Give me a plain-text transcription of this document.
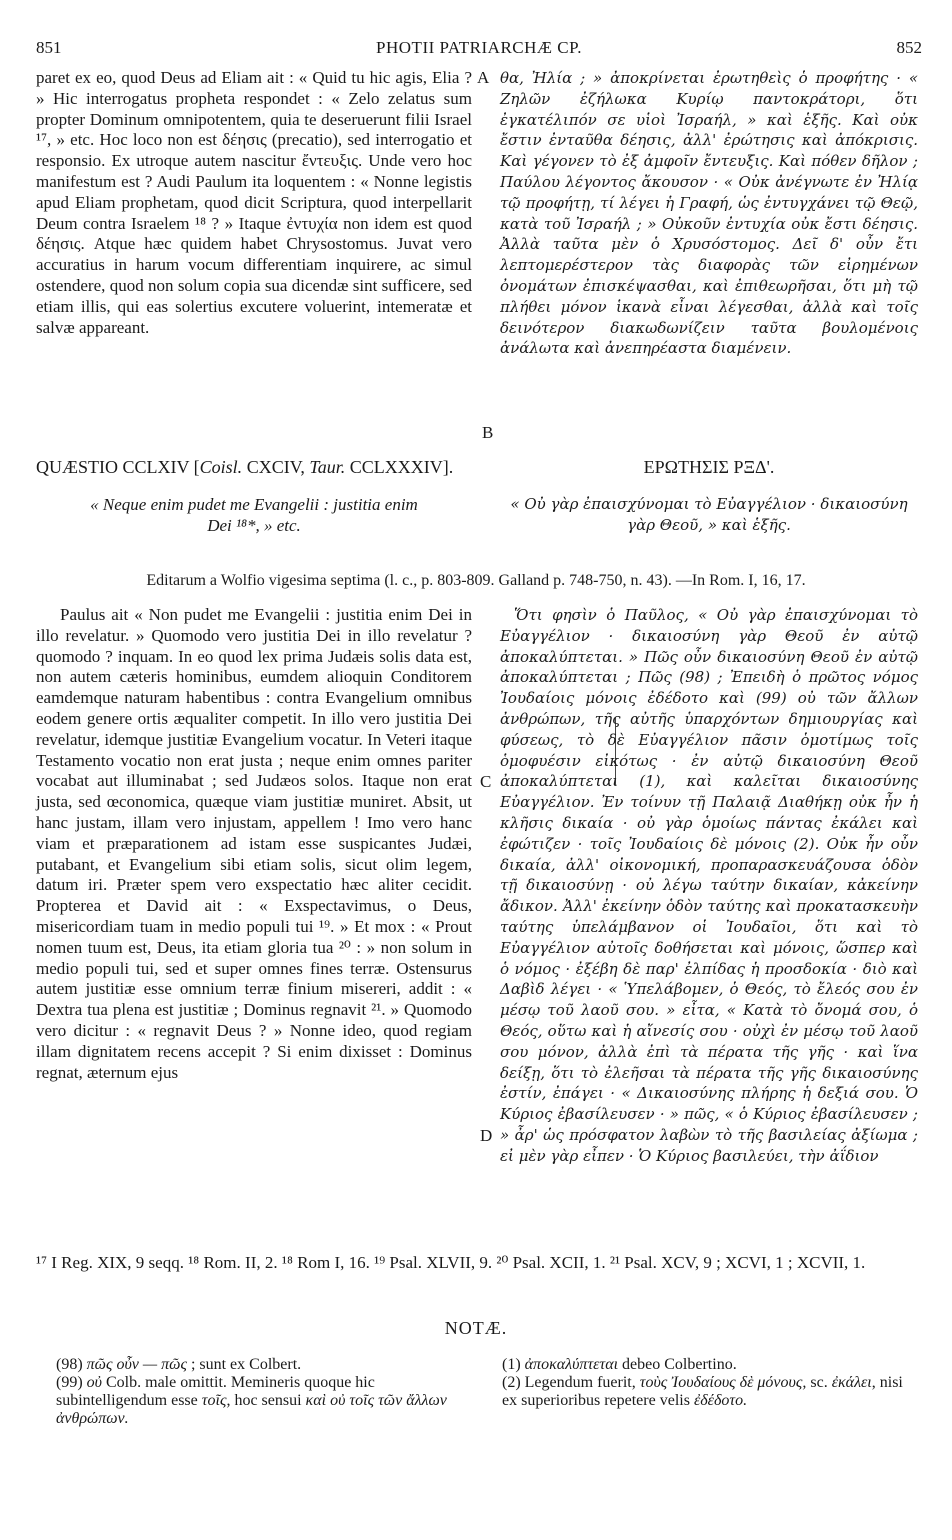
PHOTII PATRIARCHÆ CP.
851	852

paret ex eo, quod Deus ad Eliam ait : « Quid tu hic agis, Elia ? » Hic interrogatus propheta respondet : « Zelo zelatus sum propter Dominum omnipotentem, quia te deseruerunt filii Israel ¹⁷, » etc. Hoc loco non est δέησις (precatio), sed interrogatio et responsio. Ex utroque autem nascitur ἔντευξις. Unde vero hoc manifestum est ? Audi Paulum ita loquentem : « Nonne legistis apud Eliam prophetam, quod dicit Scriptura, quod interpellarit Deum contra Israelem ¹⁸ ? » Itaque ἐντυχία non idem est quod δέησις. Atque hæc quidem habet Chrysostomus. Juvat vero accuratius in harum vocum differentiam inquirere, ac simul ostendere, quod non solum copia sua dicendæ sint sufficere, sed etiam illis, qui eas solertius excutere voluerint, intemeratæ et salvæ appareant.

A θα, Ἠλία ; » ἀποκρίνεται ἐρωτηθεὶς ὁ προφήτης · « Ζηλῶν ἐζήλωκα Κυρίῳ παντοκράτορι, ὅτι ἐγκατέλιπόν σε υἱοὶ Ἰσραήλ, » καὶ ἑξῆς. Καὶ οὐκ ἔστιν ἐνταῦθα δέησις, ἀλλ' ἐρώτησις καὶ ἀπόκρισις. Καὶ γέγονεν τὸ ἐξ ἀμφοῖν ἔντευξις. Καὶ πόθεν δῆλον ; Παύλου λέγοντος ἄκουσον · « Οὐκ ἀνέγνωτε ἐν Ἠλίᾳ τῷ προφήτῃ, τί λέγει ἡ Γραφή, ὡς ἐντυγχάνει τῷ Θεῷ, κατὰ τοῦ Ἰσραήλ ; » Οὐκοῦν ἐντυχία οὐκ ἔστι δέησις. Ἀλλὰ ταῦτα μὲν ὁ Χρυσόστομος. Δεῖ δ' οὖν ἔτι λεπτομερέστερον τὰς διαφορὰς τῶν εἰρημένων ὀνομάτων ἐπισκέψασθαι, καὶ ἐπιθεωρῆσαι, ὅτι μὴ τῷ πλήθει μόνον ἱκανὰ εἶναι λέγεσθαι, ἀλλὰ καὶ τοῖς δεινότερον διακωδωνίζειν ταῦτα βουλομένοις ἀνάλωτα καὶ ἀνεπηρέαστα διαμένειν.

B
QUÆSTIO CCLXIV [Coisl. CXCIV, Taur. CCLXXXIV].	ΕΡΩΤΗΣΙΣ ΡΞΔ'.
« Neque enim pudet me Evangelii : justitia enim
Dei ¹⁸*, » etc.
« Οὐ γὰρ ἐπαισχύνομαι τὸ Εὐαγγέλιον · δικαιοσύνη
γὰρ Θεοῦ, » καὶ ἑξῆς.
Editarum a Wolfio vigesima septima (l. c., p. 803-809. Galland p. 748-750, n. 43). —In Rom. I, 16, 17.

Paulus ait « Non pudet me Evangelii : justitia enim Dei in illo revelatur. » Quomodo vero justitia Dei in illo revelatur ? quomodo ? inquam. In eo quod lex prima Judæis solis data est, non autem cæteris hominibus, eumdem alioquin Conditorem eamdemque naturam habentibus : contra Evangelium omnibus eodem genere ortis æqualiter competit. In illo vero justitia Dei revelatur, idemque justitiæ Evangelium vocatur. In Veteri itaque Testamento vocatio non erat justa ; neque enim omnes pariter vocabat aut illuminabat ; sed Judæos solos. Itaque non erat justa, sed œconomica, quæque viam justitiæ muniret. Absit, ut hanc justam, illam vero injustam, appellem ! Imo vero hanc viam et præparationem ad istam esse suspicantes Judæi, putabant, et Evangelium sibi etiam solis, sicut olim legem, datum iri. Præter spem vero exspectatio hæc aliter cecidit. Propterea et David ait : « Exspectavimus, o Deus, misericordiam tuam in medio populi tui ¹⁹. » Et mox : « Prout nomen tuum est, Deus, ita etiam gloria tua ²⁰ : » non solum in medio populi tui, sed et super omnes fines terræ. Ostensurus autem justitiæ esse omnium terræ finium misereri, addit : « Dextra tua plena est justitiæ ; Dominus regnavit ²¹. » Quomodo vero dicitur : « regnavit Deus ? » Nonne ideo, quod regiam illam dignitatem recens accepit ? Si enim dixisset : Dominus regnat, æternum ejus

C
D

Ὅτι φησὶν ὁ Παῦλος, « Οὐ γὰρ ἐπαισχύνομαι τὸ Εὐαγγέλιον · δικαιοσύνη γὰρ Θεοῦ ἐν αὐτῷ ἀποκαλύπτεται. » Πῶς οὖν δικαιοσύνη Θεοῦ ἐν αὐτῷ ἀποκαλύπτεται ; Πῶς (98) ; Ἐπειδὴ ὁ πρῶτος νόμος Ἰουδαίοις μόνοις ἐδέδοτο καὶ (99) οὐ τῶν ἄλλων ἀνθρώπων, τῆς αὐτῆς ὑπαρχόντων δημιουργίας καὶ φύσεως, τὸ δὲ Εὐαγγέλιον πᾶσιν ὁμοτίμως τοῖς ὁμοφυέσιν εἰκότως · ἐν αὐτῷ δικαιοσύνη Θεοῦ ἀποκαλύπτεται (1), καὶ καλεῖται δικαιοσύνης Εὐαγγέλιον. Ἐν τοίνυν τῇ Παλαιᾷ Διαθήκῃ οὐκ ἦν ἡ κλῆσις δικαία · οὐ γὰρ ὁμοίως πάντας ἐκάλει καὶ ἐφώτιζεν · τοῖς Ἰουδαίοις δὲ μόνοις (2). Οὐκ ἦν οὖν δικαία, ἀλλ' οἰκονομική, προπαρασκευάζουσα ὁδὸν τῇ δικαιοσύνῃ · οὐ λέγω ταύτην δικαίαν, κἀκείνην ἄδικον. Ἀλλ' ἐκείνην ὁδὸν ταύτης καὶ προκατασκευὴν ταύτης ὑπελάμβανον οἱ Ἰουδαῖοι, ὅτι καὶ τὸ Εὐαγγέλιον αὐτοῖς δοθήσεται καὶ μόνοις, ὥσπερ καὶ ὁ νόμος · ἐξέβη δὲ παρ' ἐλπίδας ἡ προσδοκία · διὸ καὶ Δαβὶδ λέγει · « Ὑπελάβομεν, ὁ Θεός, τὸ ἔλεός σου ἐν μέσῳ τοῦ λαοῦ σου. » εἶτα, « Κατὰ τὸ ὄνομά σου, ὁ Θεός, οὕτω καὶ ἡ αἴνεσίς σου · οὐχὶ ἐν μέσῳ τοῦ λαοῦ σου μόνον, ἀλλὰ ἐπὶ τὰ πέρατα τῆς γῆς · καὶ ἵνα δείξῃ, ὅτι τὸ ἐλεῆσαι τὰ πέρατα τῆς γῆς δικαιοσύνης ἐστίν, ἐπάγει · « Δικαιοσύνης πλήρης ἡ δεξιά σου. Ὁ Κύριος ἐβασίλευσεν · » πῶς, « ὁ Κύριος ἐβασίλευσεν ; » ἆρ' ὡς πρόσφατον λαβὼν τὸ τῆς βασιλείας ἀξίωμα ; εἰ μὲν γὰρ εἶπεν · Ὁ Κύριος βασιλεύει, τὴν ἀΐδιον

¹⁷ I Reg. XIX, 9 seqq. ¹⁸ Rom. II, 2. ¹⁸ Rom I, 16. ¹⁹ Psal. XLVII, 9. ²⁰ Psal. XCII, 1. ²¹ Psal. XCV, 9 ; XCVI, 1 ; XCVII, 1.
NOTÆ.

(98) πῶς οὖν — πῶς ; sunt ex Colbert.

(99) οὐ Colb. male omittit. Memineris quoque hic subintelligendum esse τοῖς, hoc sensui καὶ οὐ τοῖς τῶν ἄλλων ἀνθρώπων.

(1) ἀποκαλύπτεται debeo Colbertino.

(2) Legendum fuerit, τοὺς Ἰουδαίους δὲ μόνους, sc. ἐκάλει, nisi ex superioribus repetere velis ἐδέδοτο.
